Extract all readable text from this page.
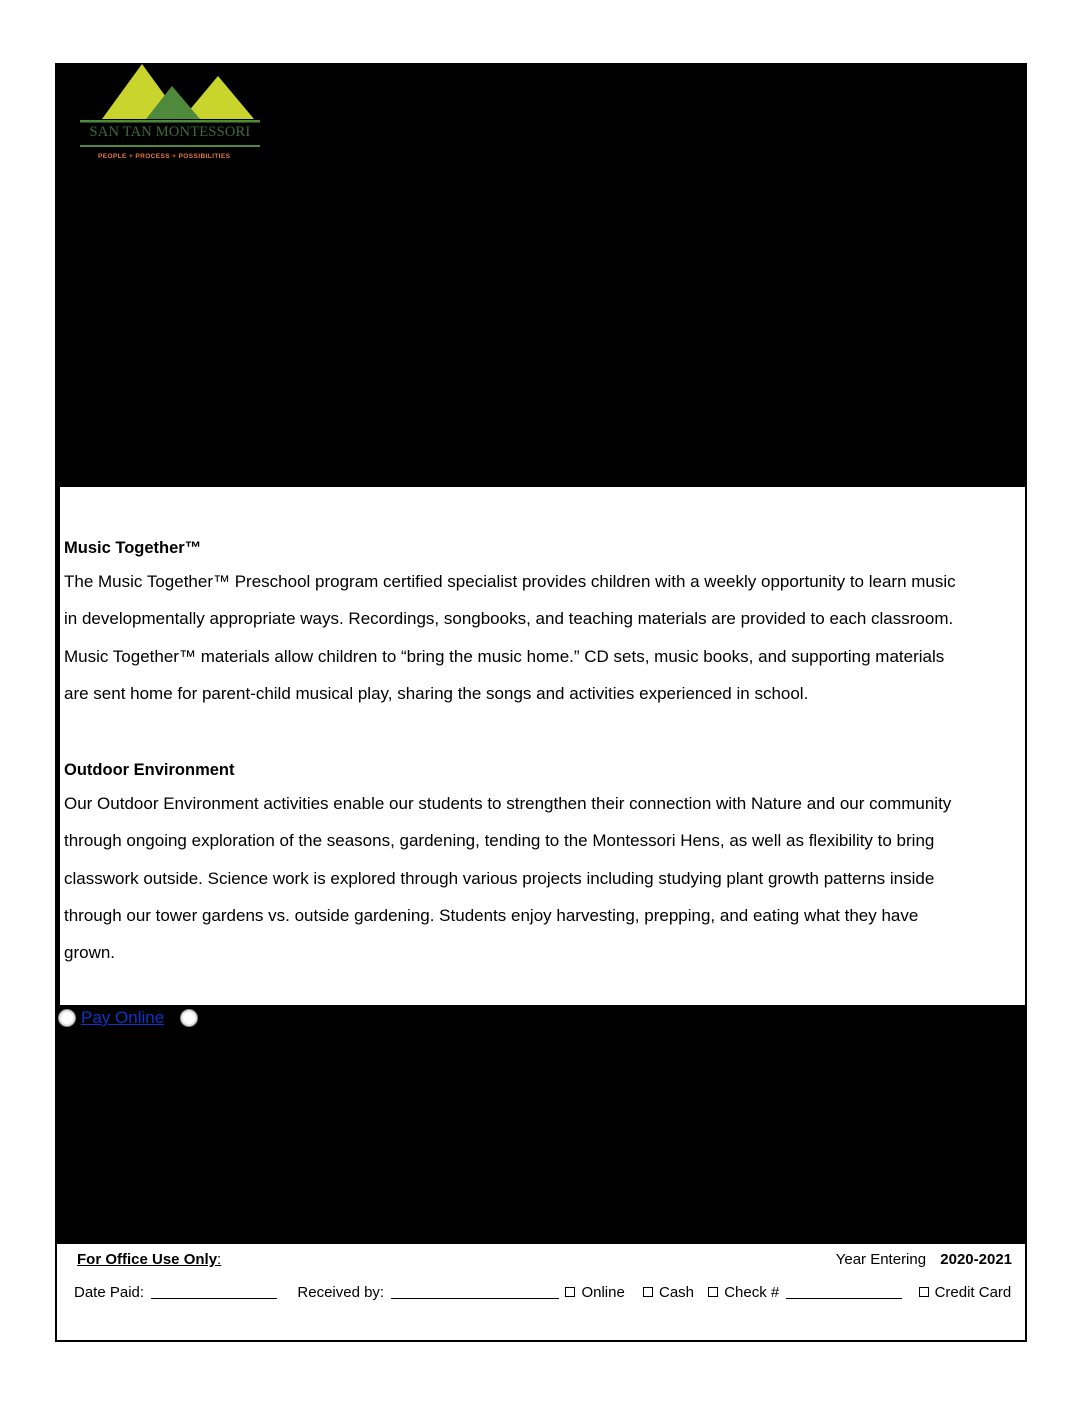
SAN TAN MONTESSORI
PEOPLE + PROCESS + POSSIBILITIES
Music Together™

The Music Together™ Preschool program certified specialist provides children with a weekly opportunity to learn music

in developmentally appropriate ways. Recordings, songbooks, and teaching materials are provided to each classroom.

Music Together™ materials allow children to “bring the music home.” CD sets, music books, and supporting materials

are sent home for parent-child musical play, sharing the songs and activities experienced in school.

Outdoor Environment

Our Outdoor Environment activities enable our students to strengthen their connection with Nature and our community

through ongoing exploration of the seasons, gardening, tending to the Montessori Hens, as well as flexibility to bring

classwork outside. Science work is explored through various projects including studying plant growth patterns inside

through our tower gardens vs. outside gardening. Students enjoy harvesting, prepping, and eating what they have

grown.

Pay Online
For Office Use Only:	Year Entering 2020-2021
Date Paid:	Received by:	Online Cash Check #	Credit Card
